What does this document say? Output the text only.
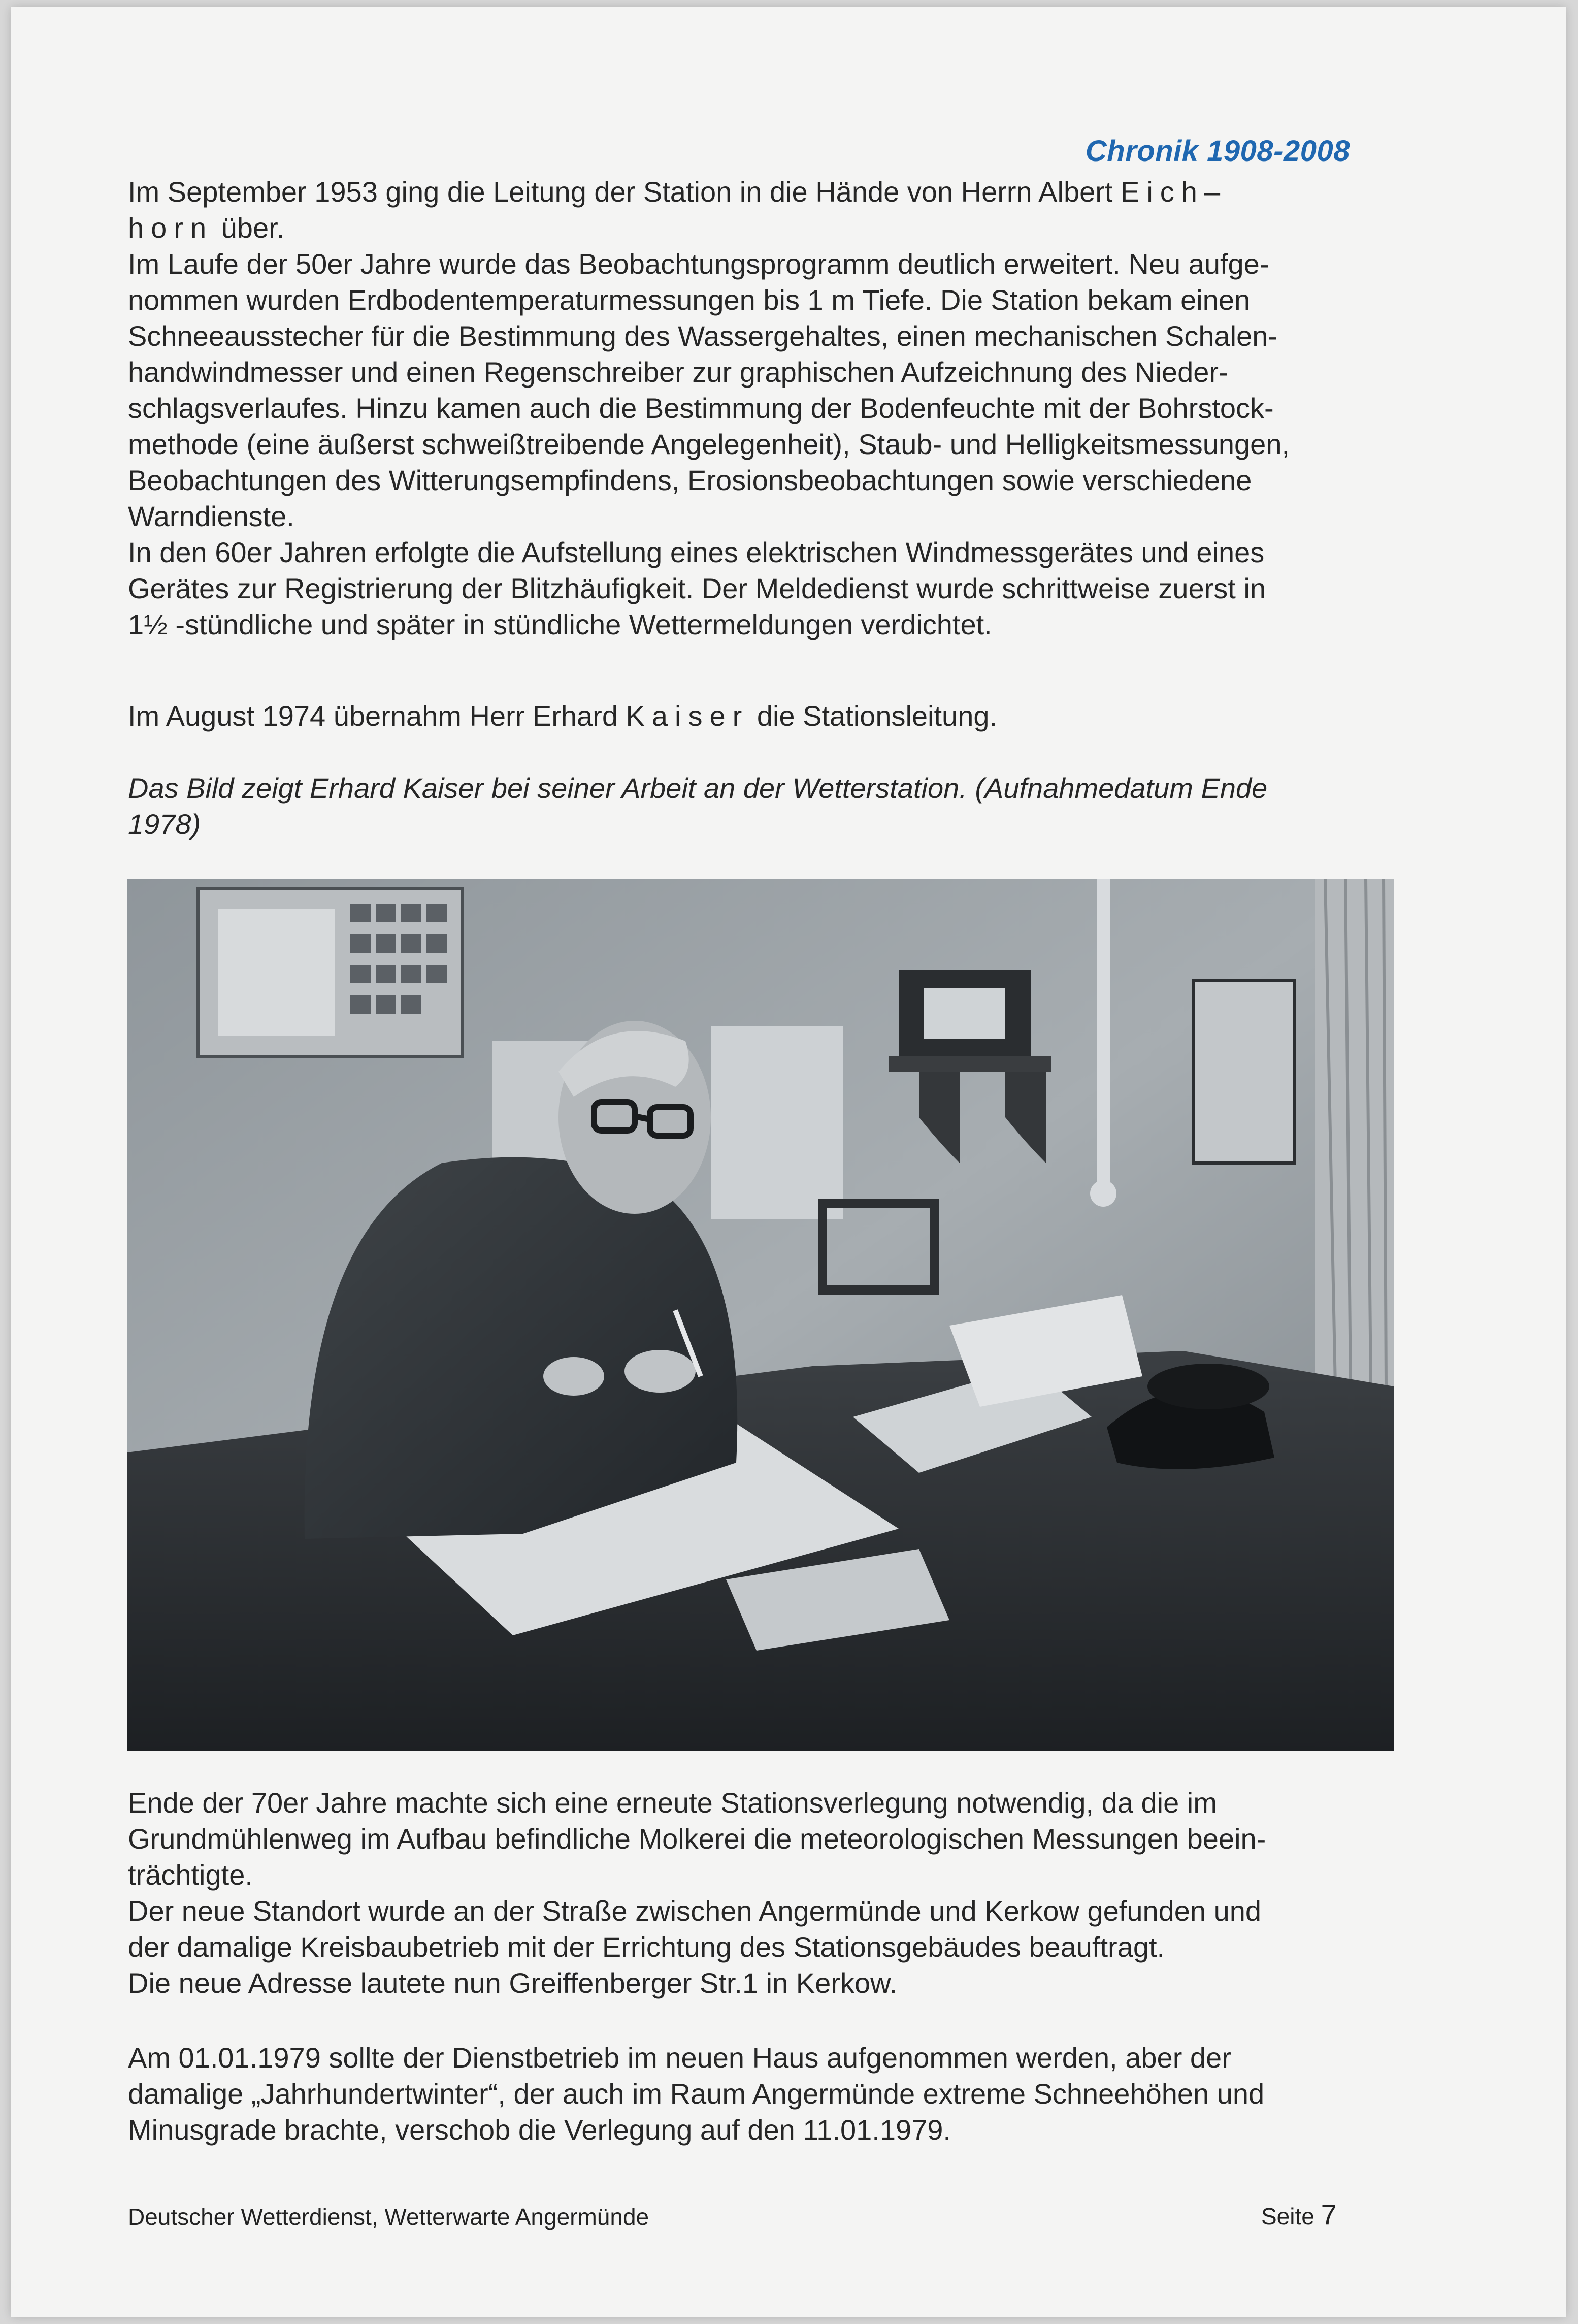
Chronik 1908-2008

Im September 1953 ging die Leitung der Station in die Hände von Herrn Albert Eich–
horn über.

Im Laufe der 50er Jahre wurde das Beobachtungsprogramm deutlich erweitert. Neu aufge-
nommen wurden Erdbodentemperaturmessungen bis 1 m Tiefe. Die Station bekam einen
Schneeausstecher für die Bestimmung des Wassergehaltes, einen mechanischen Schalen-
handwindmesser und einen Regenschreiber zur graphischen Aufzeichnung des Nieder-
schlagsverlaufes. Hinzu kamen auch die Bestimmung der Bodenfeuchte mit der Bohrstock-
methode (eine äußerst schweißtreibende Angelegenheit), Staub- und Helligkeitsmessungen,
Beobachtungen des Witterungsempfindens, Erosionsbeobachtungen sowie verschiedene
Warndienste.

In den 60er Jahren erfolgte die Aufstellung eines elektrischen Windmessgerätes und eines
Gerätes zur Registrierung der Blitzhäufigkeit. Der Meldedienst wurde schrittweise zuerst in
1½ -stündliche und später in stündliche Wettermeldungen verdichtet.

Im August 1974 übernahm Herr Erhard Kaiser die Stationsleitung.

Das Bild zeigt Erhard Kaiser bei seiner Arbeit an der Wetterstation. (Aufnahmedatum Ende
1978)

Ende der 70er Jahre machte sich eine erneute Stationsverlegung notwendig, da die im
Grundmühlenweg im Aufbau befindliche Molkerei die meteorologischen Messungen beein-
trächtigte.

Der neue Standort wurde an der Straße zwischen Angermünde und Kerkow gefunden und
der damalige Kreisbaubetrieb mit der Errichtung des Stationsgebäudes beauftragt.

Die neue Adresse lautete nun Greiffenberger Str.1 in Kerkow.

Am 01.01.1979 sollte der Dienstbetrieb im neuen Haus aufgenommen werden, aber der
damalige „Jahrhundertwinter“, der auch im Raum Angermünde extreme Schneehöhen und
Minusgrade brachte, verschob die Verlegung auf den 11.01.1979.

Deutscher Wetterdienst, Wetterwarte Angermünde	Seite 7
